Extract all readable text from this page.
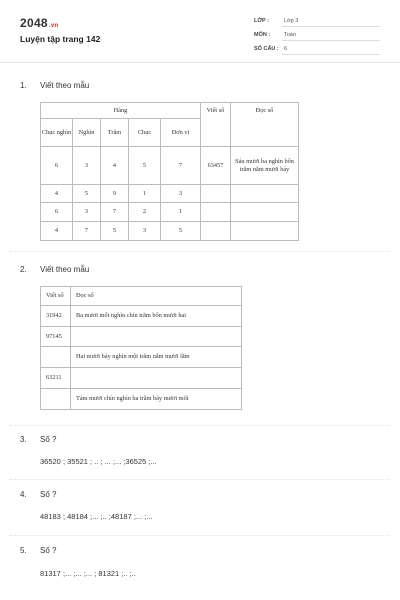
2048.vn
Luyện tập trang 142
LỚP :	Lớp 3
MÔN :	Toán
SỐ CÂU : 6
1. Viết theo mẫu
Hàng					Viết số	Đọc số
Chục nghìn	Nghìn	Trăm	Chục	Đơn vị		
6	3	4	5	7	63457	Sáu mươi ba nghìn bốn trăm năm mươi bảy
4	5	9	1	3		
6	3	7	2	1		
4	7	5	3	5		
2. Viết theo mẫu
Viết số	Đọc số
31942	Ba mươi mốt nghìn chín trăm bốn mươi hai
97145	
	Hai mươi bảy nghìn một trăm năm mươi lăm
63211	
	Tám mươi chín nghìn ba trăm bảy mươi mốt
3. Số ?
36520 ; 35521 ; .. ; ... ;... ;36525 ;...
4. Số ?
48183 ; 48184 ;... ;.. ;48187 ;... ;...
5. Số ?
81317 ;... ;... ;... ; 81321 ;.. ;..
